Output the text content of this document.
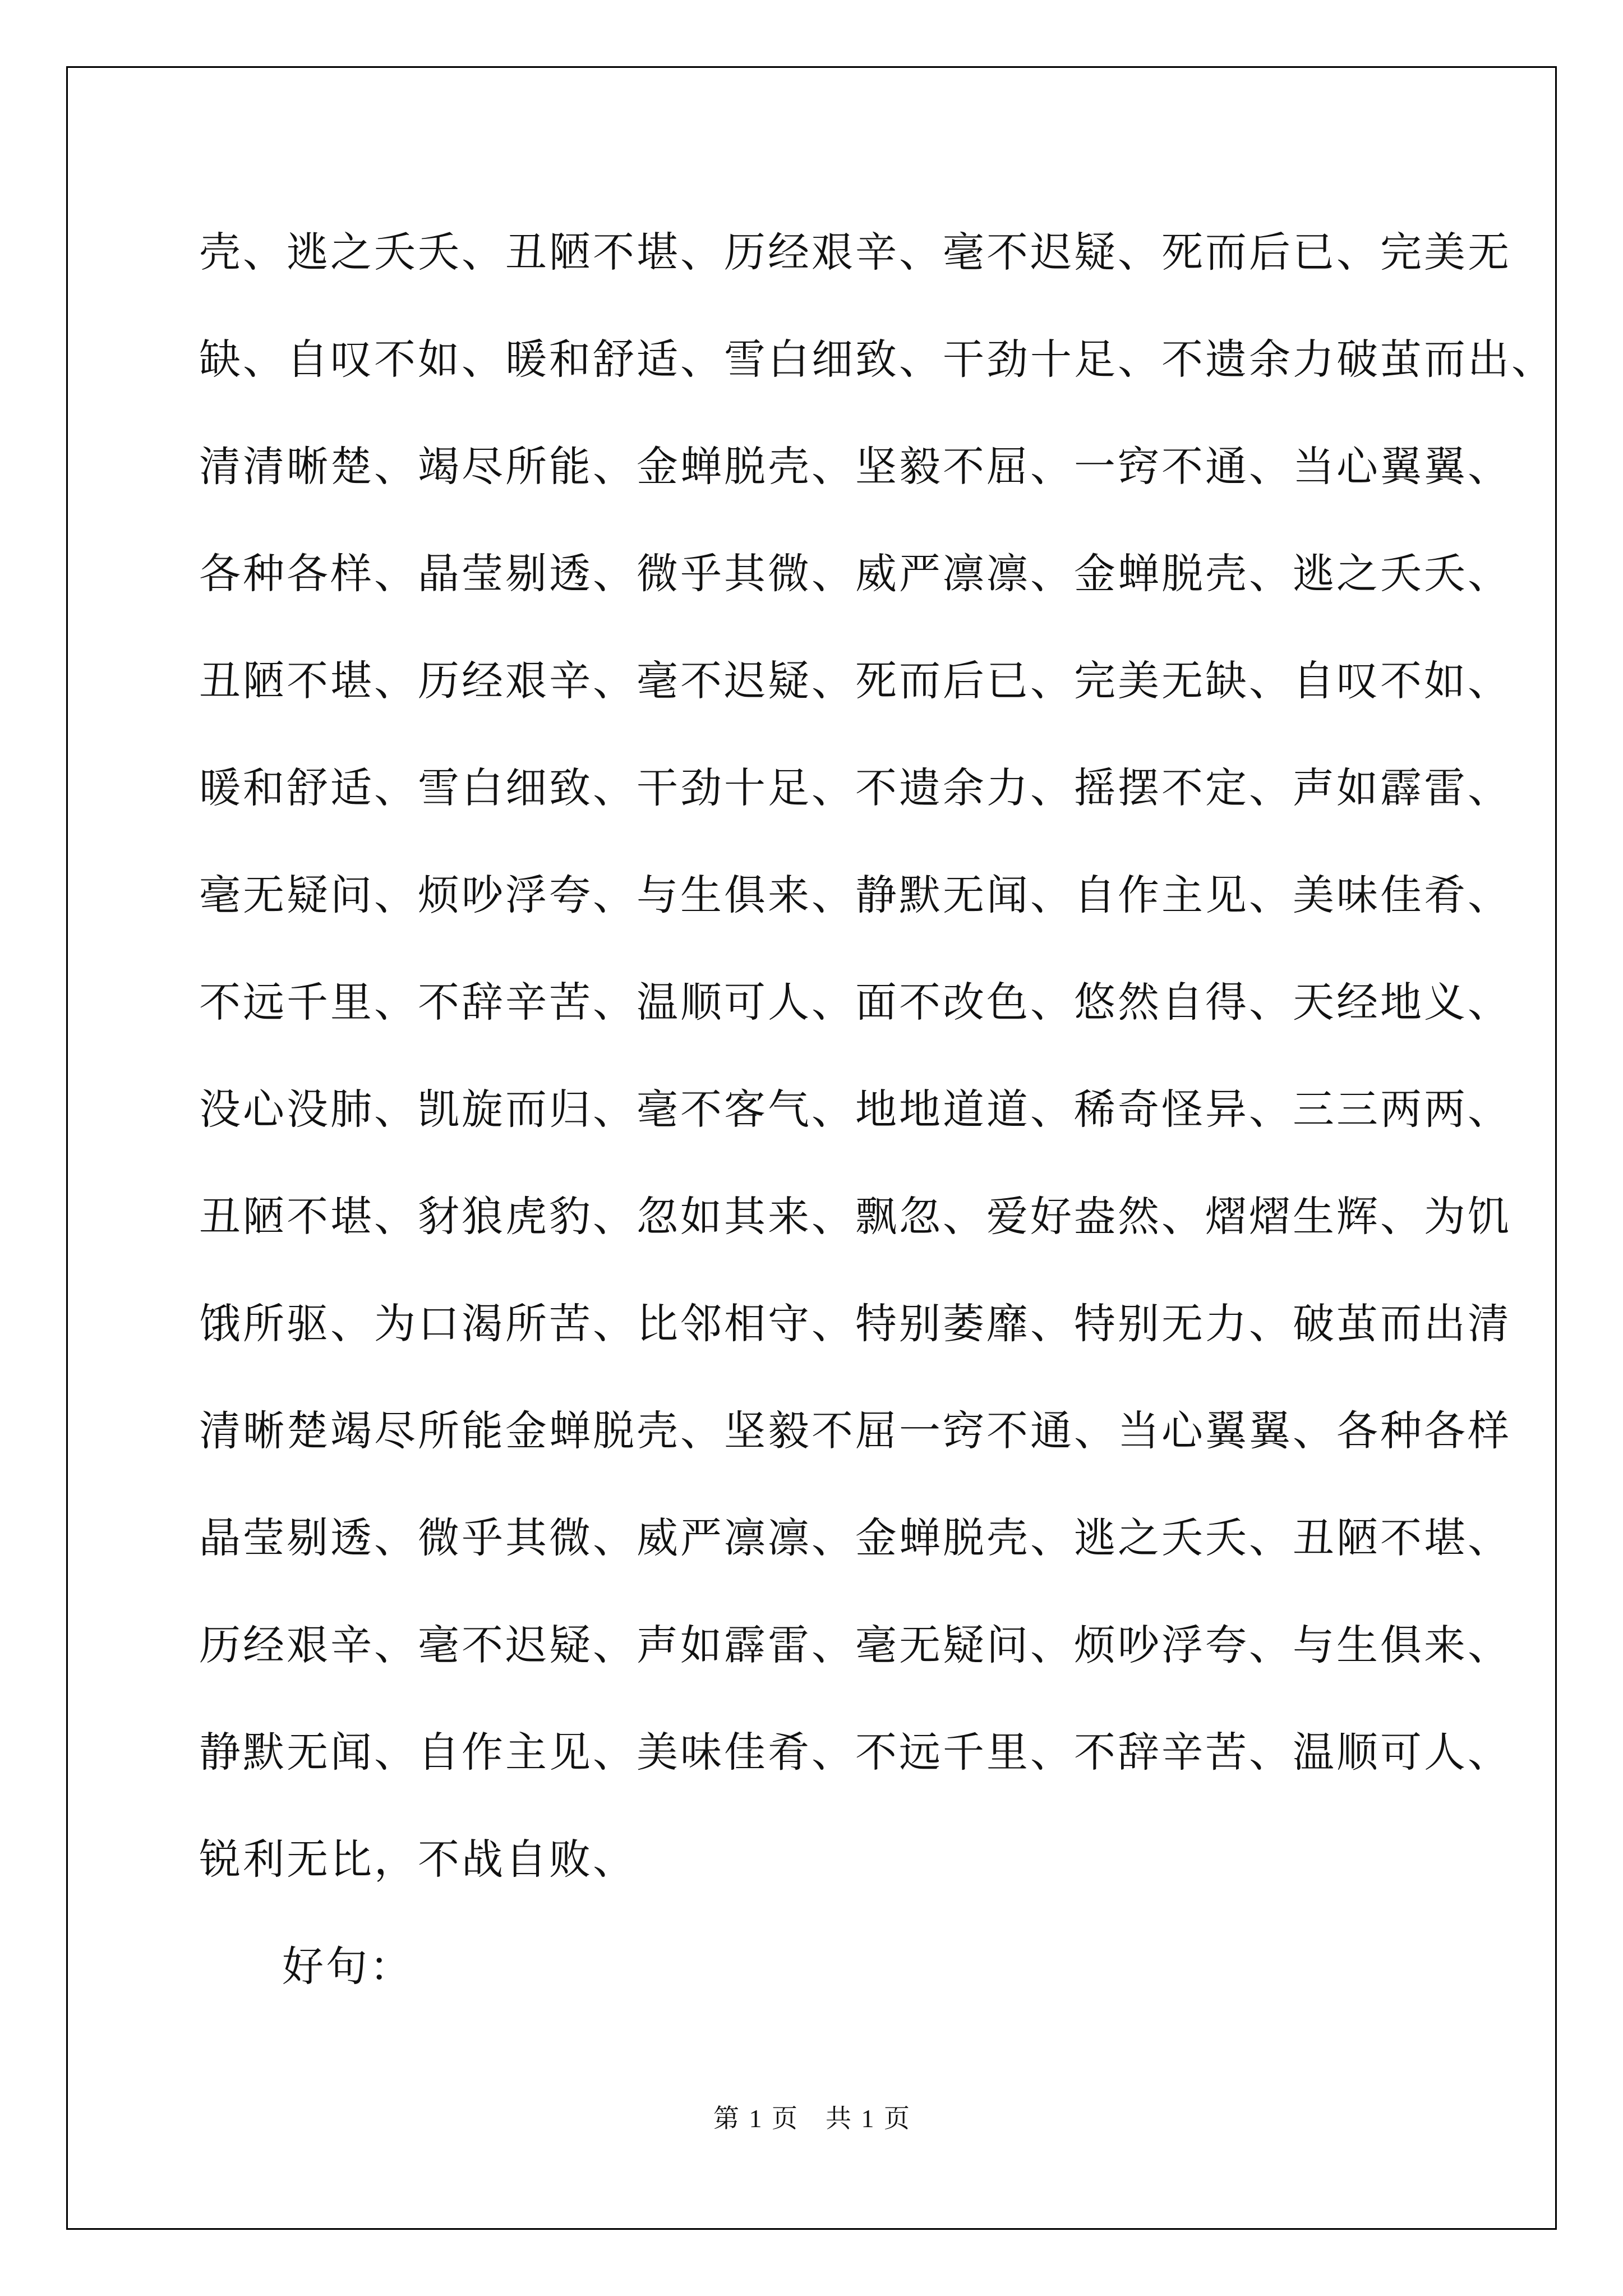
壳、逃之夭夭、丑陋不堪、历经艰辛、毫不迟疑、死而后已、完美无
缺、自叹不如、暖和舒适、雪白细致、干劲十足、不遗余力破茧而出、
清清晰楚、竭尽所能、金蝉脱壳、坚毅不屈、一窍不通、当心翼翼、
各种各样、晶莹剔透、微乎其微、威严凛凛、金蝉脱壳、逃之夭夭、
丑陋不堪、历经艰辛、毫不迟疑、死而后已、完美无缺、自叹不如、
暖和舒适、雪白细致、干劲十足、不遗余力、摇摆不定、声如霹雷、
毫无疑问、烦吵浮夸、与生俱来、静默无闻、自作主见、美味佳肴、
不远千里、不辞辛苦、温顺可人、面不改色、悠然自得、天经地义、
没心没肺、凯旋而归、毫不客气、地地道道、稀奇怪异、三三两两、
丑陋不堪、豺狼虎豹、忽如其来、飘忽、爱好盎然、熠熠生辉、为饥
饿所驱、为口渴所苦、比邻相守、特别萎靡、特别无力、破茧而出清
清晰楚竭尽所能金蝉脱壳、坚毅不屈一窍不通、当心翼翼、各种各样
晶莹剔透、微乎其微、威严凛凛、金蝉脱壳、逃之夭夭、丑陋不堪、
历经艰辛、毫不迟疑、声如霹雷、毫无疑问、烦吵浮夸、与生俱来、
静默无闻、自作主见、美味佳肴、不远千里、不辞辛苦、温顺可人、
锐利无比，不战自败、
好句：
第 1 页 共 1 页
